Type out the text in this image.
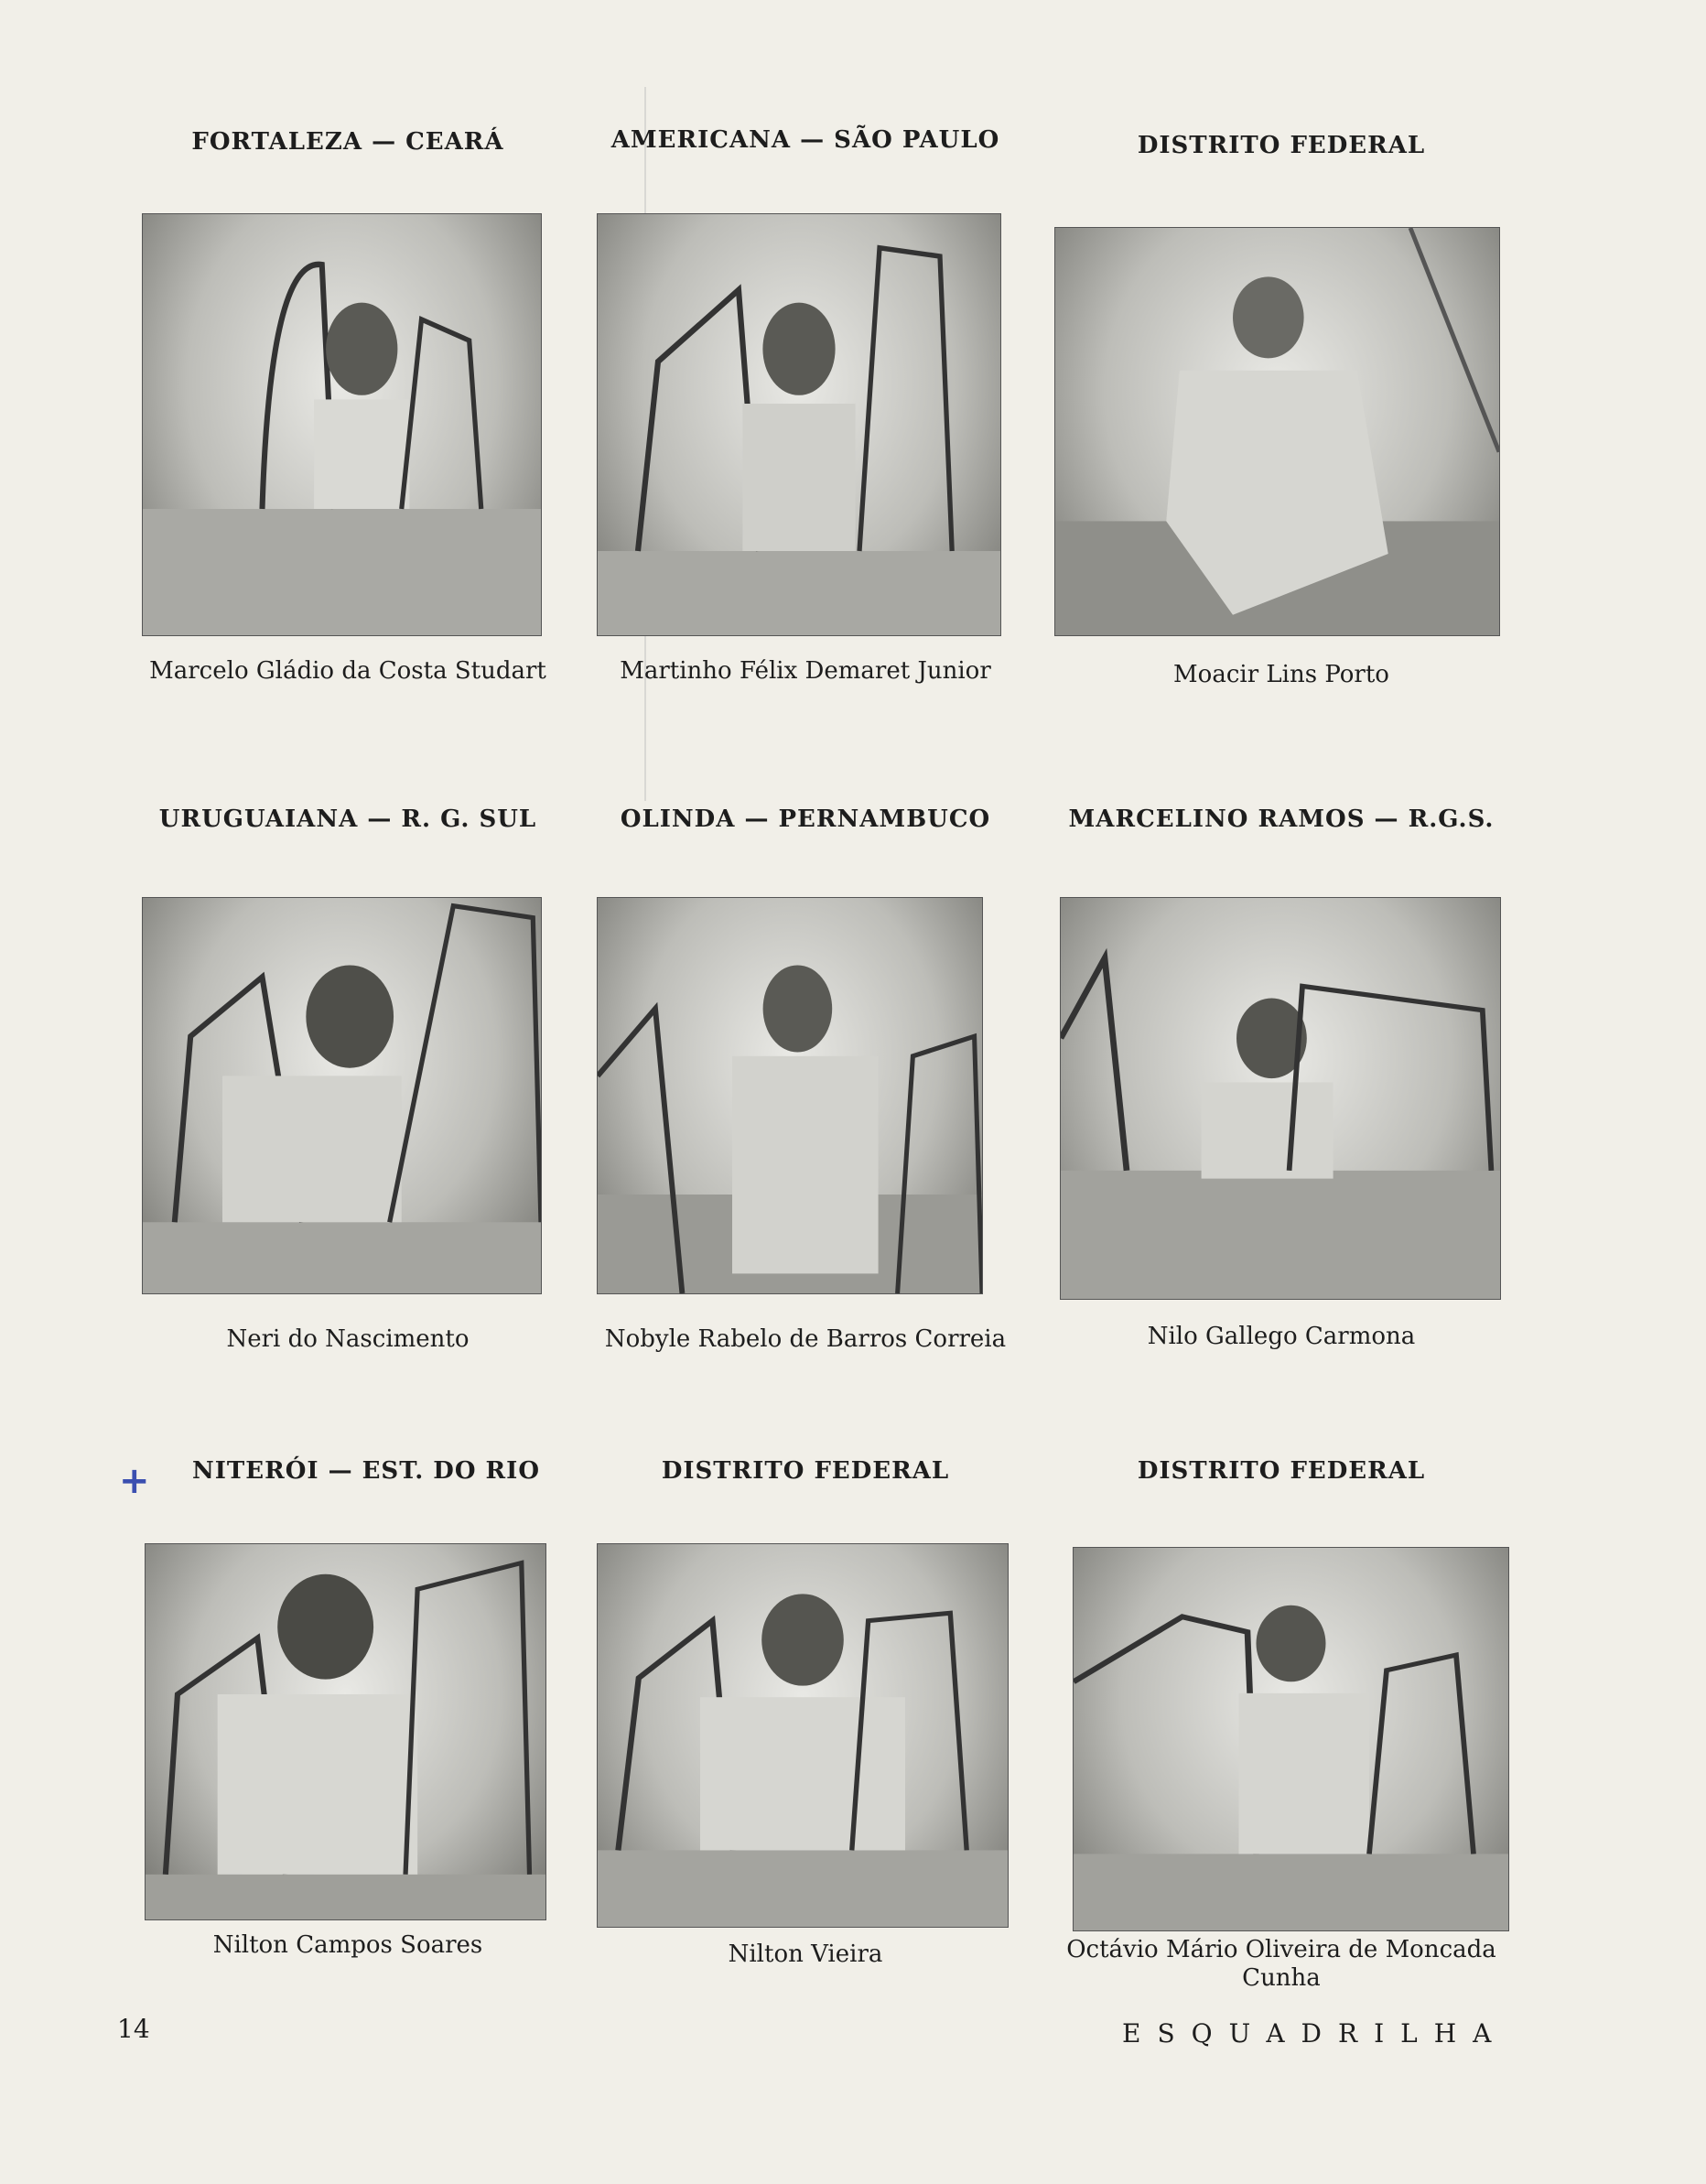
FORTALEZA — CEARÁ
Marcelo Gládio da Costa Studart
AMERICANA — SÃO PAULO
Martinho Félix Demaret Junior
DISTRITO FEDERAL
Moacir Lins Porto
URUGUAIANA — R. G. SUL
Neri do Nascimento
OLINDA — PERNAMBUCO
Nobyle Rabelo de Barros Correia
MARCELINO RAMOS — R.G.S.
Nilo Gallego Carmona
+	NITERÓI — EST. DO RIO
Nilton Campos Soares
DISTRITO FEDERAL
Nilton Vieira
DISTRITO FEDERAL
Octávio Mário Oliveira de Moncada Cunha
14	ESQUADRILHA
